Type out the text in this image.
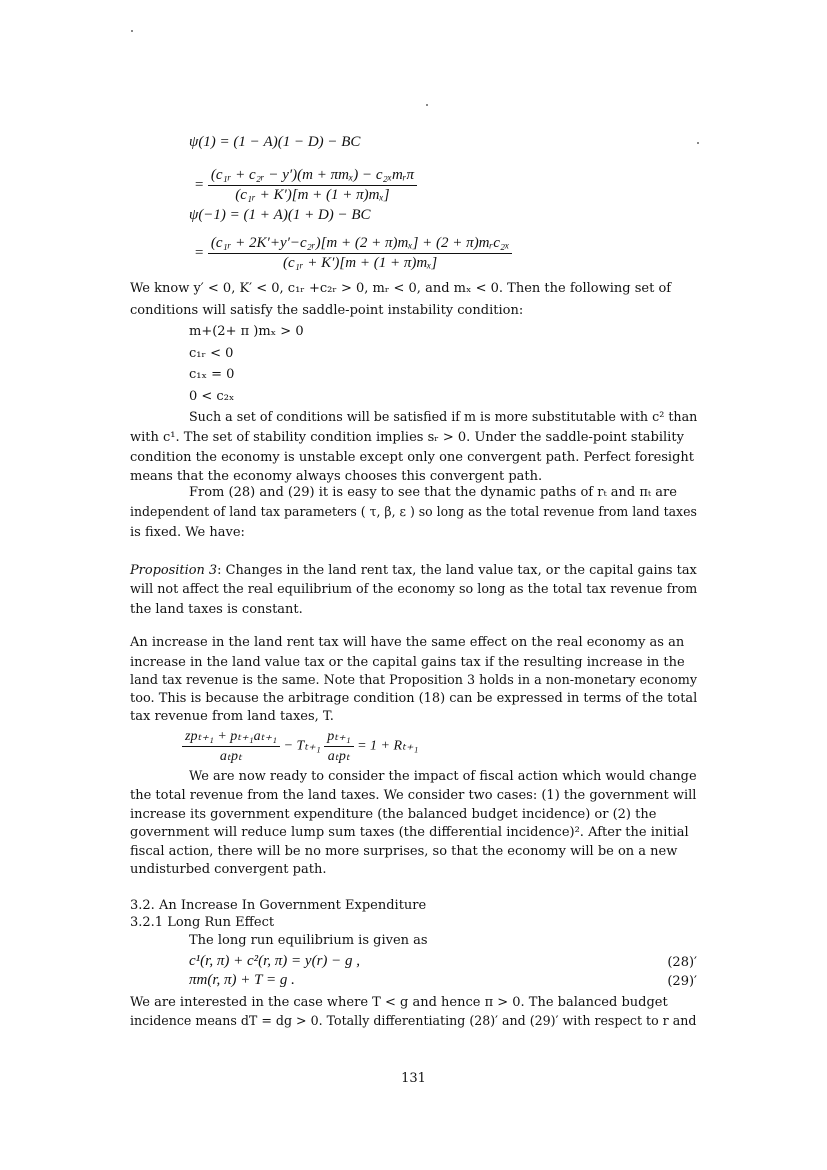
ψ(1) = (1 − A)(1 − D) − BC
= $\frac{\text{(c₁ᵣ + c₂ᵣ − y′)(m + πmₓ) − c₂ₓmᵣπ}}{\text{(c₁ᵣ + K′)[m + (1 + π)mₓ]}}$
ψ(−1) = (1 + A)(1 + D) − BC
= $\frac{\text{(c₁ᵣ + 2K′+y′−c₂ᵣ)[m + (2 + π)mₓ] + (2 + π)mᵣc₂ₓ}}{\text{(c₁ᵣ + K′)[m + (1 + π)mₓ]}}$
We know y′ < 0, K′ < 0, c₁ᵣ +c₂ᵣ > 0, mᵣ < 0, and mₓ < 0. Then the following set of
conditions will satisfy the saddle-point instability condition:
m+(2+ π )mₓ > 0
c₁ᵣ < 0
c₁ₓ = 0
0 < c₂ₓ
Such a set of conditions will be satisfied if m is more substitutable with c² than
with c¹. The set of stability condition implies sᵣ > 0. Under the saddle-point stability
condition the economy is unstable except only one convergent path. Perfect foresight
means that the economy always chooses this convergent path.
From (28) and (29) it is easy to see that the dynamic paths of rₜ and πₜ are
independent of land tax parameters ( τ, β, ε ) so long as the total revenue from land taxes
is fixed. We have:
Proposition 3: Changes in the land rent tax, the land value tax, or the capital gains tax
will not affect the real equilibrium of the economy so long as the total tax revenue from
the land taxes is constant.
An increase in the land rent tax will have the same effect on the real economy as an
increase in the land value tax or the capital gains tax if the resulting increase in the
land tax revenue is the same. Note that Proposition 3 holds in a non-monetary economy
too. This is because the arbitrage condition (18) can be expressed in terms of the total
tax revenue from land taxes, T.
$\frac{\text{zpₜ₊₁ + pₜ₊₁aₜ₊₁}}{\text{aₜpₜ}} - T_{t+1} \frac{\text{pₜ₊₁}}{\text{aₜpₜ}} = 1 + R_{t+1}$
We are now ready to consider the impact of fiscal action which would change
the total revenue from the land taxes. We consider two cases: (1) the government will
increase its government expenditure (the balanced budget incidence) or (2) the
government will reduce lump sum taxes (the differential incidence)². After the initial
fiscal action, there will be no more surprises, so that the economy will be on a new
undisturbed convergent path.
3.2. An Increase In Government Expenditure
3.2.1 Long Run Effect
The long run equilibrium is given as
c¹(r, π) + c²(r, π) = y(r) − g ,	(28)′
πm(r, π) + T = g .	(29)′
We are interested in the case where T < g and hence π > 0. The balanced budget
incidence means dT = dg > 0. Totally differentiating (28)′ and (29)′ with respect to r and
131
